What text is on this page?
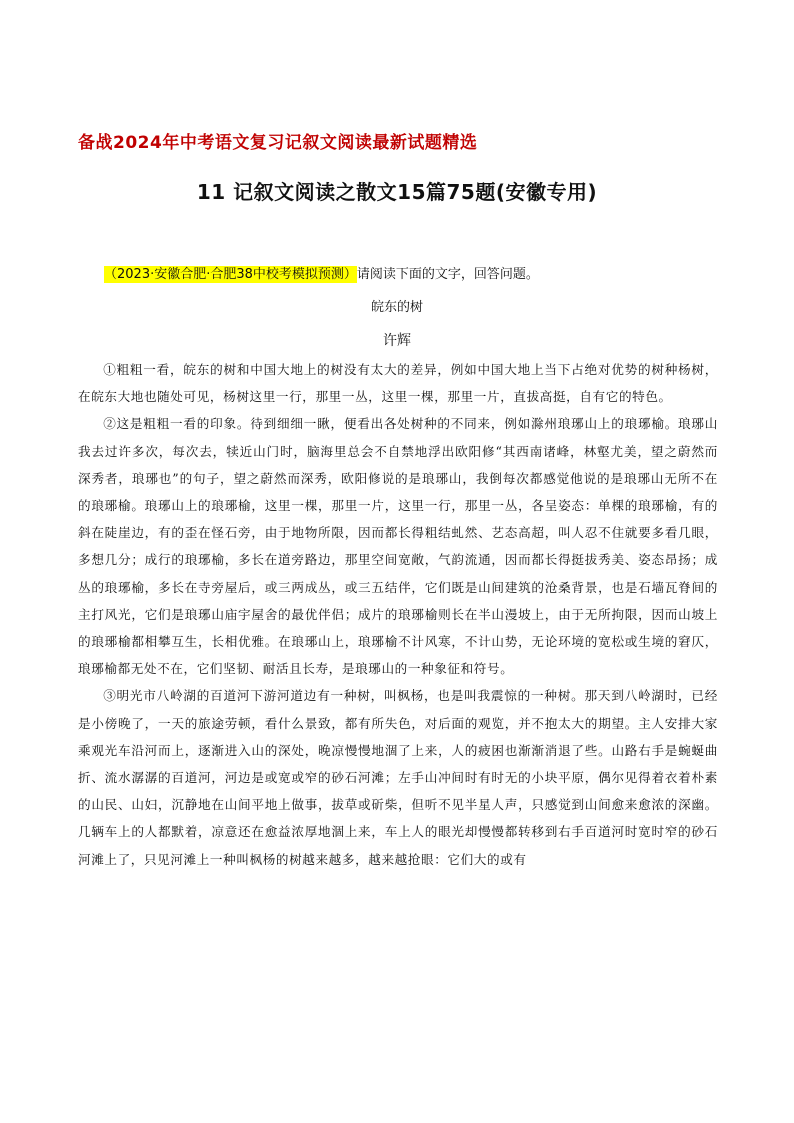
备战2024年中考语文复习记叙文阅读最新试题精选
11 记叙文阅读之散文15篇75题(安徽专用)
（2023·安徽合肥·合肥38中校考模拟预测）请阅读下面的文字，回答问题。
皖东的树
许辉

①粗粗一看，皖东的树和中国大地上的树没有太大的差异，例如中国大地上当下占绝对优势的树种杨树，在皖东大地也随处可见，杨树这里一行，那里一丛，这里一棵，那里一片，直拔高挺，自有它的特色。

②这是粗粗一看的印象。待到细细一瞅，便看出各处树种的不同来，例如滁州琅琊山上的琅琊榆。琅琊山我去过许多次，每次去，犊近山门时，脑海里总会不自禁地浮出欧阳修“其西南诸峰，林壑尤美，望之蔚然而深秀者，琅琊也”的句子，望之蔚然而深秀，欧阳修说的是琅琊山，我倒每次都感觉他说的是琅琊山无所不在的琅琊榆。琅琊山上的琅琊榆，这里一棵，那里一片，这里一行，那里一丛，各呈姿态：单棵的琅琊榆，有的斜在陡崖边，有的歪在怪石旁，由于地物所限，因而都长得粗结虬然、艺态高超，叫人忍不住就要多看几眼，多想几分；成行的琅琊榆，多长在道旁路边，那里空间宽敞，气韵流通，因而都长得挺拔秀美、姿态昂扬；成丛的琅琊榆，多长在寺旁屋后，或三两成丛，或三五结伴，它们既是山间建筑的沧桑背景，也是石墙瓦脊间的主打风光，它们是琅琊山庙宇屋舍的最优伴侣；成片的琅琊榆则长在半山漫坡上，由于无所拘限，因而山坡上的琅琊榆都相攀互生，长相优雅。在琅琊山上，琅琊榆不计风寒，不计山势，无论环境的宽松或生境的窘仄，琅琊榆都无处不在，它们坚韧、耐活且长寿，是琅琊山的一种象征和符号。

③明光市八岭湖的百道河下游河道边有一种树，叫枫杨，也是叫我震惊的一种树。那天到八岭湖时，已经是小傍晚了，一天的旅途劳顿，看什么景致，都有所失色，对后面的观览，并不抱太大的期望。主人安排大家乘观光车沿河而上，逐渐进入山的深处，晚凉慢慢地涸了上来，人的疲困也渐渐消退了些。山路右手是蜿蜒曲折、流水潺潺的百道河，河边是或宽或窄的砂石河滩；左手山冲间时有时无的小块平原，偶尔见得着衣着朴素的山民、山妇，沉静地在山间平地上做事，拔草或斫柴，但听不见半星人声，只感觉到山间愈来愈浓的深幽。几辆车上的人都默着，凉意还在愈益浓厚地涸上来，车上人的眼光却慢慢都转移到右手百道河时宽时窄的砂石河滩上了，只见河滩上一种叫枫杨的树越来越多，越来越抢眼：它们大的或有
